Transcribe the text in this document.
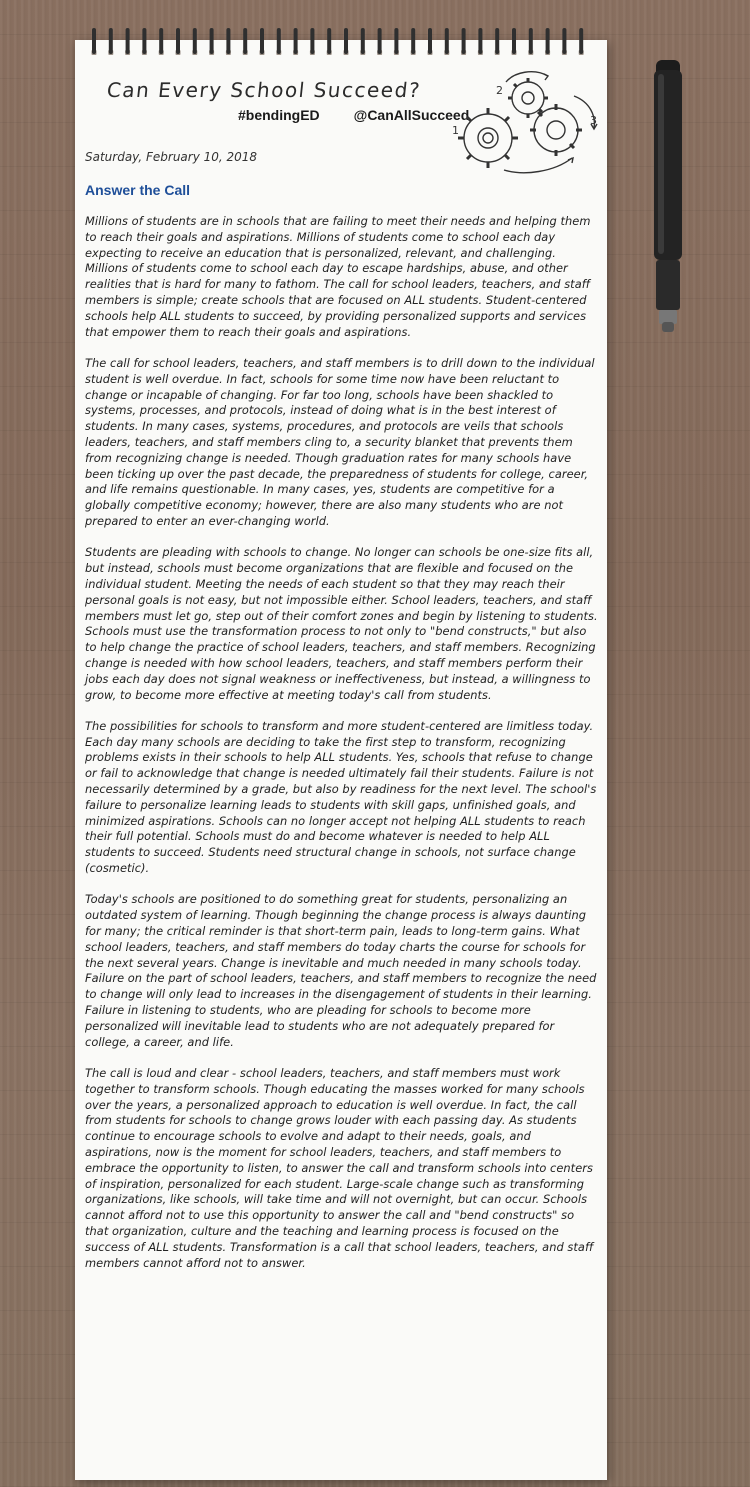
Can Every School Succeed?
#bendingED @CanAllSucceed
2
1
3
Saturday, February 10, 2018
Answer the Call

Millions of students are in schools that are failing to meet their needs and helping them to reach their goals and aspirations. Millions of students come to school each day expecting to receive an education that is personalized, relevant, and challenging. Millions of students come to school each day to escape hardships, abuse, and other realities that is hard for many to fathom. The call for school leaders, teachers, and staff members is simple; create schools that are focused on ALL students. Student-centered schools help ALL students to succeed, by providing personalized supports and services that empower them to reach their goals and aspirations.

The call for school leaders, teachers, and staff members is to drill down to the individual student is well overdue. In fact, schools for some time now have been reluctant to change or incapable of changing. For far too long, schools have been shackled to systems, processes, and protocols, instead of doing what is in the best interest of students. In many cases, systems, procedures, and protocols are veils that schools leaders, teachers, and staff members cling to, a security blanket that prevents them from recognizing change is needed. Though graduation rates for many schools have been ticking up over the past decade, the preparedness of students for college, career, and life remains questionable. In many cases, yes, students are competitive for a globally competitive economy; however, there are also many students who are not prepared to enter an ever-changing world.

Students are pleading with schools to change. No longer can schools be one-size fits all, but instead, schools must become organizations that are flexible and focused on the individual student. Meeting the needs of each student so that they may reach their personal goals is not easy, but not impossible either. School leaders, teachers, and staff members must let go, step out of their comfort zones and begin by listening to students. Schools must use the transformation process to not only to "bend constructs," but also to help change the practice of school leaders, teachers, and staff members. Recognizing change is needed with how school leaders, teachers, and staff members perform their jobs each day does not signal weakness or ineffectiveness, but instead, a willingness to grow, to become more effective at meeting today's call from students.

The possibilities for schools to transform and more student-centered are limitless today. Each day many schools are deciding to take the first step to transform, recognizing problems exists in their schools to help ALL students. Yes, schools that refuse to change or fail to acknowledge that change is needed ultimately fail their students. Failure is not necessarily determined by a grade, but also by readiness for the next level. The school's failure to personalize learning leads to students with skill gaps, unfinished goals, and minimized aspirations. Schools can no longer accept not helping ALL students to reach their full potential. Schools must do and become whatever is needed to help ALL students to succeed. Students need structural change in schools, not surface change (cosmetic).

Today's schools are positioned to do something great for students, personalizing an outdated system of learning. Though beginning the change process is always daunting for many; the critical reminder is that short-term pain, leads to long-term gains. What school leaders, teachers, and staff members do today charts the course for schools for the next several years. Change is inevitable and much needed in many schools today. Failure on the part of school leaders, teachers, and staff members to recognize the need to change will only lead to increases in the disengagement of students in their learning. Failure in listening to students, who are pleading for schools to become more personalized will inevitable lead to students who are not adequately prepared for college, a career, and life.

The call is loud and clear - school leaders, teachers, and staff members must work together to transform schools. Though educating the masses worked for many schools over the years, a personalized approach to education is well overdue. In fact, the call from students for schools to change grows louder with each passing day. As students continue to encourage schools to evolve and adapt to their needs, goals, and aspirations, now is the moment for school leaders, teachers, and staff members to embrace the opportunity to listen, to answer the call and transform schools into centers of inspiration, personalized for each student. Large-scale change such as transforming organizations, like schools, will take time and will not overnight, but can occur. Schools cannot afford not to use this opportunity to answer the call and "bend constructs" so that organization, culture and the teaching and learning process is focused on the success of ALL students. Transformation is a call that school leaders, teachers, and staff members cannot afford not to answer.
